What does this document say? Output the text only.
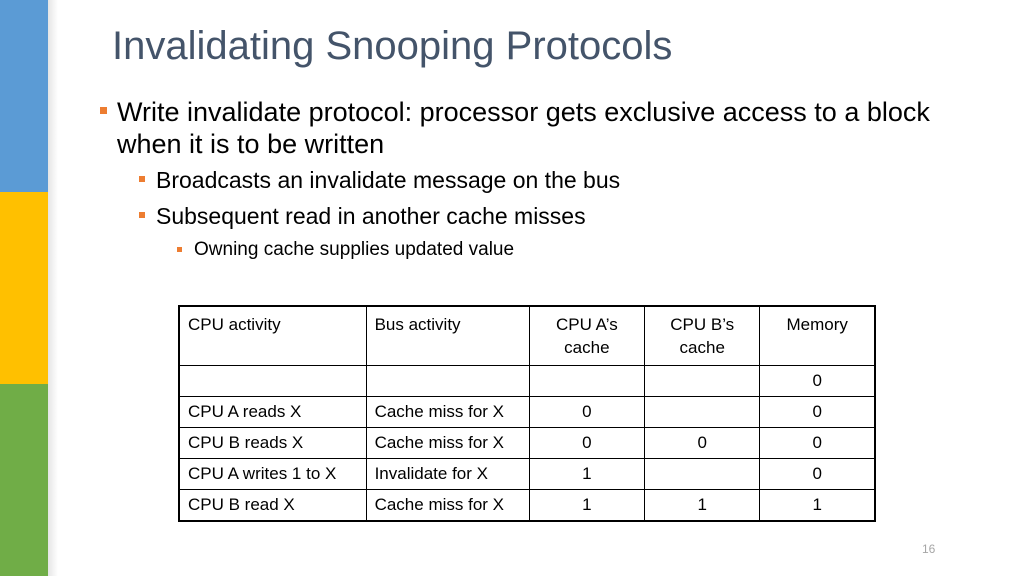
Invalidating Snooping Protocols
Write invalidate protocol: processor gets exclusive access to a block when it is to be written
Broadcasts an invalidate message on the bus
Subsequent read in another cache misses
Owning cache supplies updated value
CPU activity	Bus activity	CPU A’s cache	CPU B’s cache	Memory
				0
CPU A reads X	Cache miss for X	0		0
CPU B reads X	Cache miss for X	0	0	0
CPU A writes 1 to X	Invalidate for X	1		0
CPU B read X	Cache miss for X	1	1	1
16
